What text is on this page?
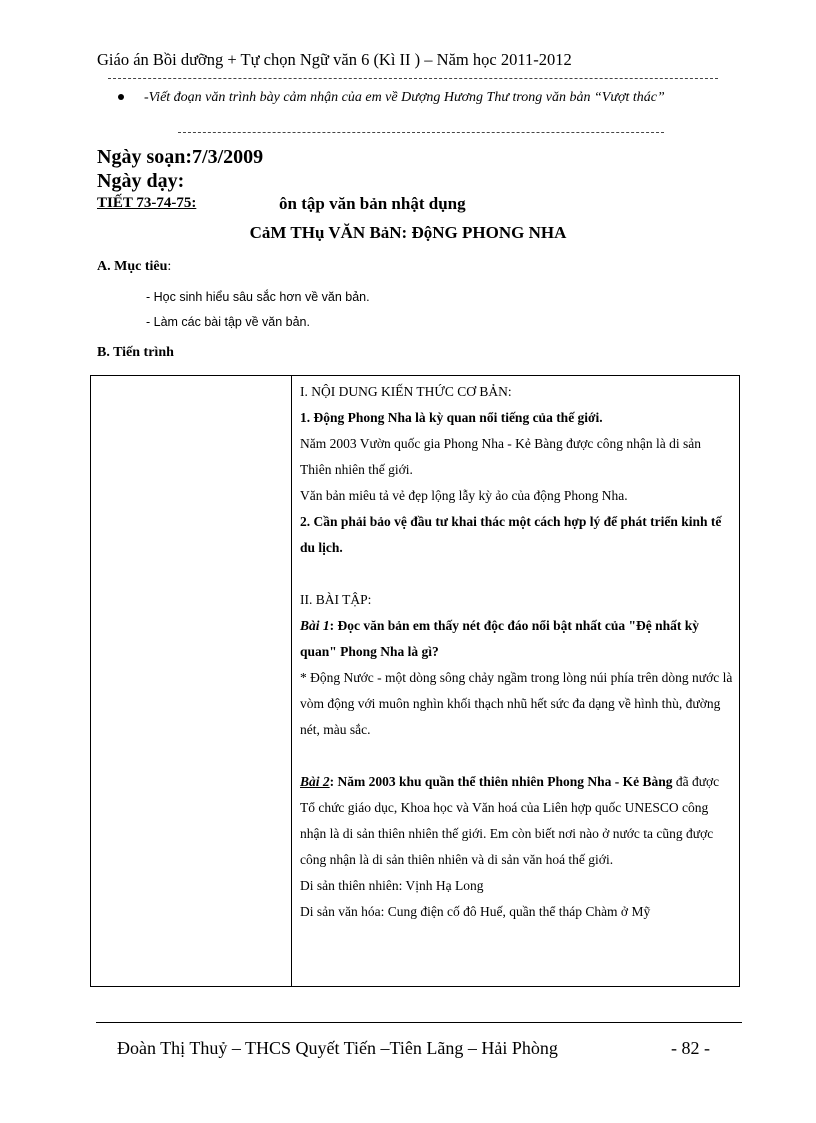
Giáo án Bồi dưỡng + Tự chọn Ngữ văn 6 (Kì II ) – Năm học 2011-2012
-Viết đoạn văn trình bày cảm nhận của em về Dượng Hương Thư trong văn bản “Vượt thác”
Ngày soạn:7/3/2009
Ngày dạy:
TIẾT 73-74-75:	ôn tập văn bản nhật dụng
CảM THụ VĂN BảN: ĐộNG PHONG NHA
A. Mục tiêu:
- Học sinh hiểu sâu sắc hơn về văn bản.
- Làm các bài tập về văn bản.
B. Tiến trình

I. NỘI DUNG KIẾN THỨC CƠ BẢN:

1. Động Phong Nha là kỳ quan nổi tiếng của thế giới.

Năm 2003 Vườn quốc gia Phong Nha - Kẻ Bàng được công nhận là di sản Thiên nhiên thế giới.

Văn bản miêu tả vẻ đẹp lộng lẫy kỳ ảo của động Phong Nha.

2. Cần phải bảo vệ đầu tư khai thác một cách hợp lý để phát triển kinh tế du lịch.

II. BÀI TẬP:

Bài 1: Đọc văn bản em thấy nét độc đáo nổi bật nhất của "Đệ nhất kỳ quan" Phong Nha là gì?

* Động Nước - một dòng sông chảy ngầm trong lòng núi phía trên dòng nước là vòm động với muôn nghìn khối thạch nhũ hết sức đa dạng về hình thù, đường nét, màu sắc.

Bài 2: Năm 2003 khu quần thể thiên nhiên Phong Nha - Kẻ Bàng đã được Tổ chức giáo dục, Khoa học và Văn hoá của Liên hợp quốc UNESCO công nhận là di sản thiên nhiên thế giới. Em còn biết nơi nào ở nước ta cũng được công nhận là di sản thiên nhiên và di sản văn hoá thế giới.

Di sản thiên nhiên: Vịnh Hạ Long

Di sản văn hóa: Cung điện cố đô Huế, quần thể tháp Chàm ở Mỹ

Đoàn Thị Thuỷ – THCS Quyết Tiến –Tiên Lãng – Hải Phòng	- 82 -
